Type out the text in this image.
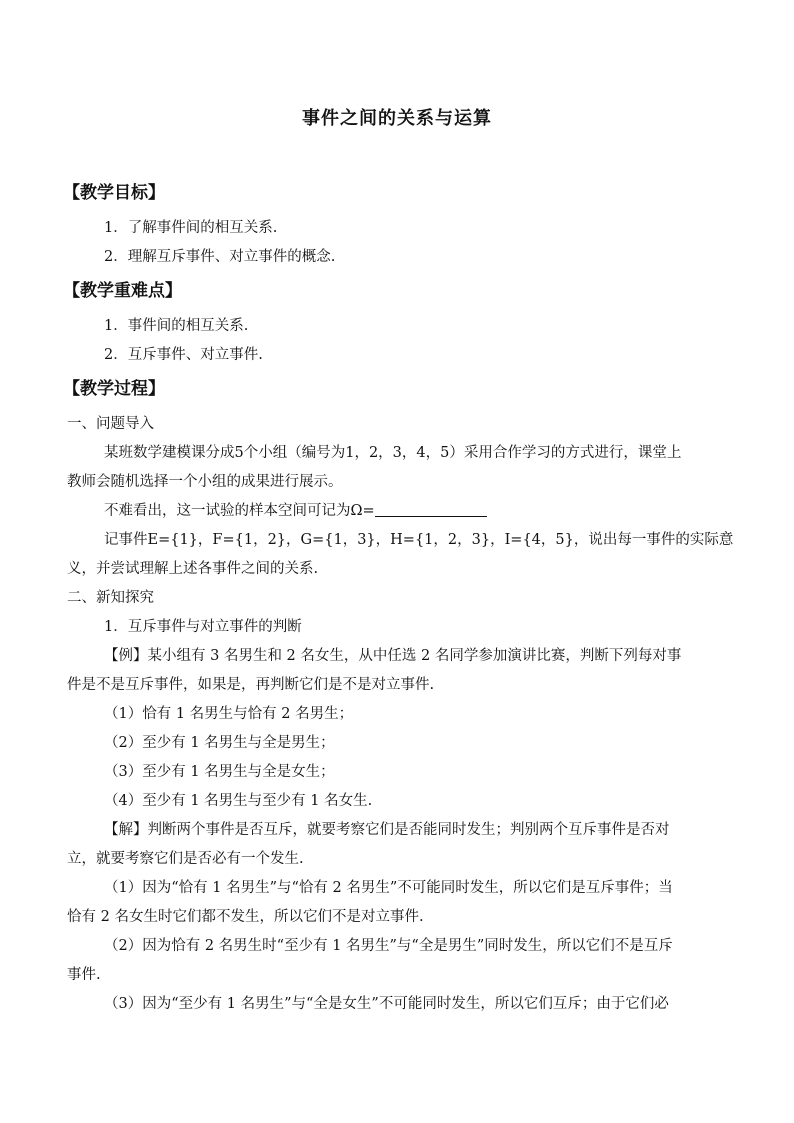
事件之间的关系与运算
【教学目标】
1．了解事件间的相互关系.
2．理解互斥事件、对立事件的概念.
【教学重难点】
1．事件间的相互关系.
2．互斥事件、对立事件.
【教学过程】
一、问题导入
某班数学建模课分成5个小组（编号为1，2，3，4，5）采用合作学习的方式进行，课堂上
教师会随机选择一个小组的成果进行展示。
不难看出，这一试验的样本空间可记为Ω=
记事件E={1}，F={1，2}，G={1，3}，H={1，2，3}，I={4，5}，说出每一事件的实际意
义，并尝试理解上述各事件之间的关系.
二、新知探究
1．互斥事件与对立事件的判断
【例】某小组有 3 名男生和 2 名女生，从中任选 2 名同学参加演讲比赛，判断下列每对事
件是不是互斥事件，如果是，再判断它们是不是对立事件.
（1）恰有 1 名男生与恰有 2 名男生；
（2）至少有 1 名男生与全是男生；
（3）至少有 1 名男生与全是女生；
（4）至少有 1 名男生与至少有 1 名女生.
【解】判断两个事件是否互斥，就要考察它们是否能同时发生；判别两个互斥事件是否对
立，就要考察它们是否必有一个发生.
（1）因为“恰有 1 名男生”与“恰有 2 名男生”不可能同时发生，所以它们是互斥事件；当
恰有 2 名女生时它们都不发生，所以它们不是对立事件.
（2）因为恰有 2 名男生时“至少有 1 名男生”与“全是男生”同时发生，所以它们不是互斥
事件.
（3）因为“至少有 1 名男生”与“全是女生”不可能同时发生，所以它们互斥；由于它们必
